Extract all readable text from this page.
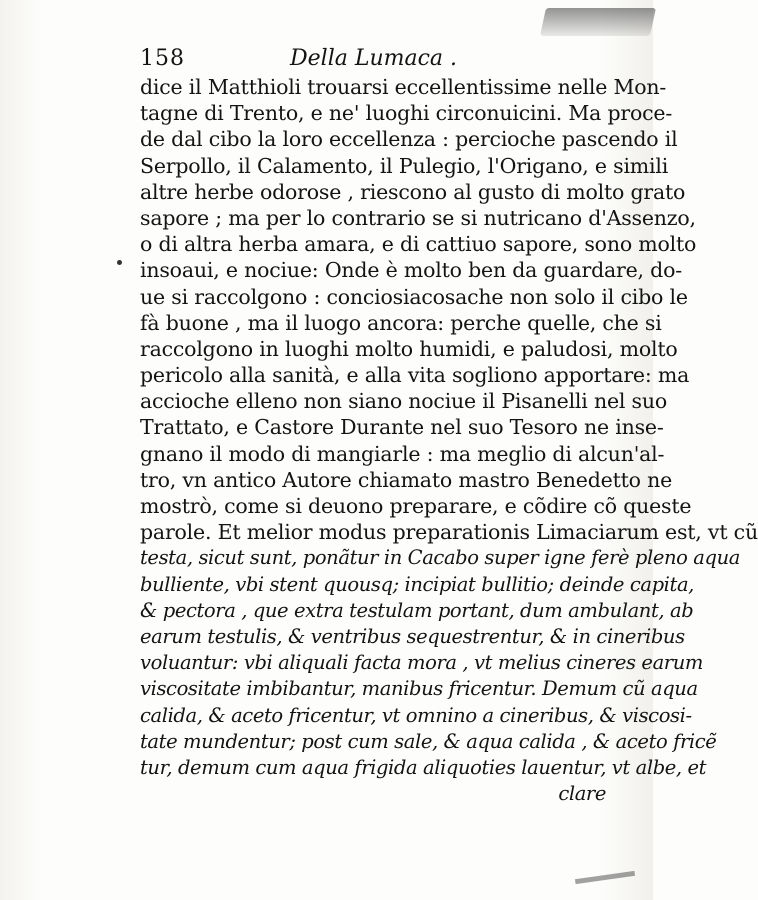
158	Della Lumaca .
dice il Matthioli trouarsi eccellentissime nelle Mon-
tagne di Trento, e ne' luoghi circonuicini. Ma proce-
de dal cibo la loro eccellenza : percioche pascendo il
Serpollo, il Calamento, il Pulegio, l'Origano, e simili
altre herbe odorose , riescono al gusto di molto grato
sapore ; ma per lo contrario se si nutricano d'Assenzo,
o di altra herba amara, e di cattiuo sapore, sono molto
insoaui, e nociue: Onde è molto ben da guardare, do-
ue si raccolgono : conciosiacosache non solo il cibo le
fà buone , ma il luogo ancora: perche quelle, che si
raccolgono in luoghi molto humidi, e paludosi, molto
pericolo alla sanità, e alla vita sogliono apportare: ma
accioche elleno non siano nociue il Pisanelli nel suo
Trattato, e Castore Durante nel suo Tesoro ne inse-
gnano il modo di mangiarle : ma meglio di alcun'al-
tro, vn antico Autore chiamato mastro Benedetto ne
mostrò, come si deuono preparare, e cõdire cõ queste
parole. Et melior modus preparationis Limaciarum est, vt cũ
testa, sicut sunt, ponãtur in Cacabo super igne ferè pleno aqua
bulliente, vbi stent quousq; incipiat bullitio; deinde capita,
& pectora , que extra testulam portant, dum ambulant, ab
earum testulis, & ventribus sequestrentur, & in cineribus
voluantur: vbi aliquali facta mora , vt melius cineres earum
viscositate imbibantur, manibus fricentur. Demum cũ aqua
calida, & aceto fricentur, vt omnino a cineribus, & viscosi-
tate mundentur; post cum sale, & aqua calida , & aceto fricẽ
tur, demum cum aqua frigida aliquoties lauentur, vt albe, et
clare
